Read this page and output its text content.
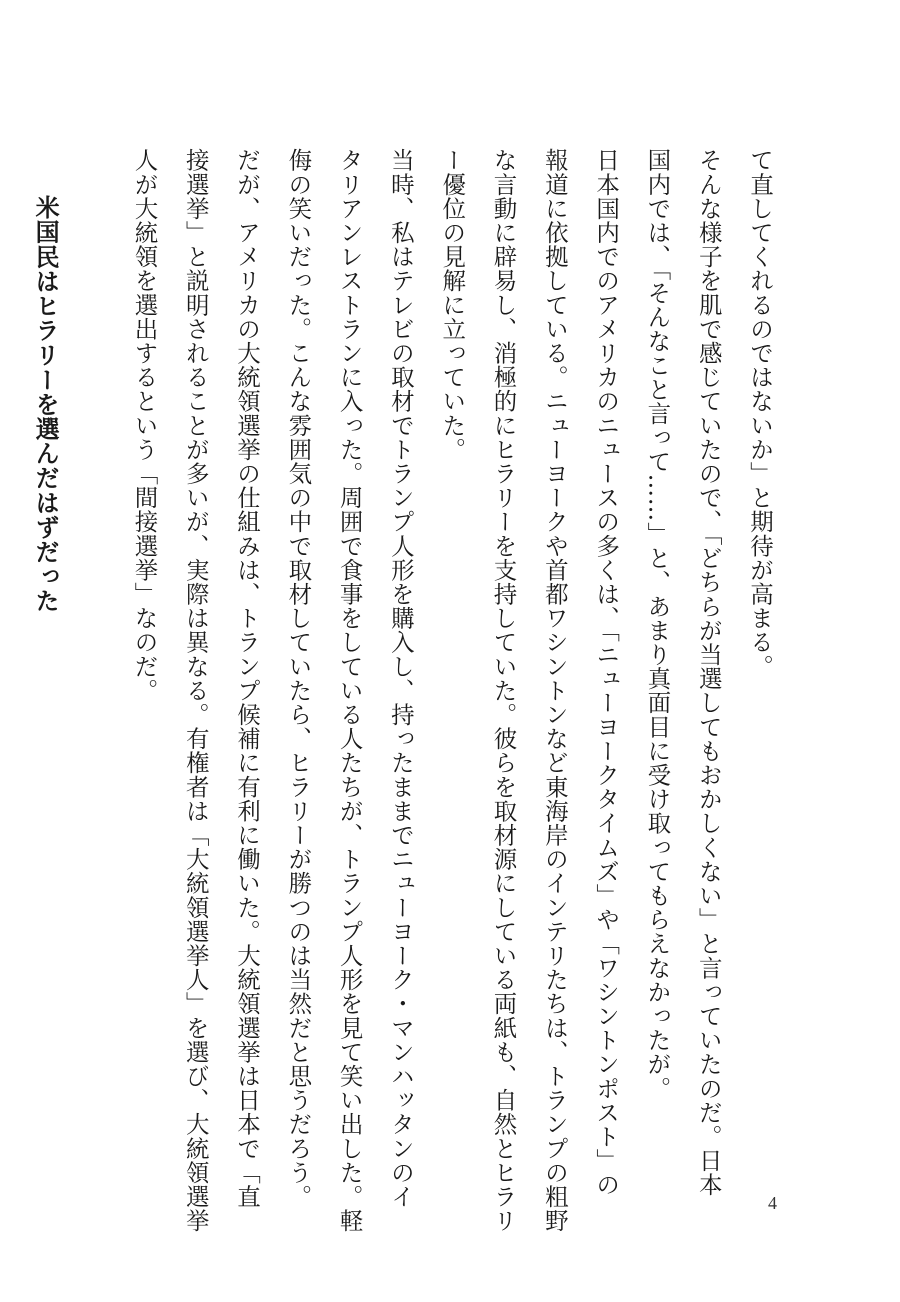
て直してくれるのではないか」と期待が高まる。
そんな様子を肌で感じていたので、「どちらが当選してもおかしくない」と言っていたのだ。日本
国内では、「そんなこと言って……」と、あまり真面目に受け取ってもらえなかったが。
日本国内でのアメリカのニュースの多くは、「ニューヨークタイムズ」や「ワシントンポスト」の
報道に依拠している。ニューヨークや首都ワシントンなど東海岸のインテリたちは、トランプの粗野
な言動に辟易し、消極的にヒラリーを支持していた。彼らを取材源にしている両紙も、自然とヒラリ
ー優位の見解に立っていた。
当時、私はテレビの取材でトランプ人形を購入し、持ったままでニューヨーク・マンハッタンのイ
タリアンレストランに入った。周囲で食事をしている人たちが、トランプ人形を見て笑い出した。軽
侮の笑いだった。こんな雰囲気の中で取材していたら、ヒラリーが勝つのは当然だと思うだろう。
だが、アメリカの大統領選挙の仕組みは、トランプ候補に有利に働いた。大統領選挙は日本で「直
接選挙」と説明されることが多いが、実際は異なる。有権者は「大統領選挙人」を選び、大統領選挙
人が大統領を選出するという「間接選挙」なのだ。
米国民はヒラリーを選んだはずだった
4
